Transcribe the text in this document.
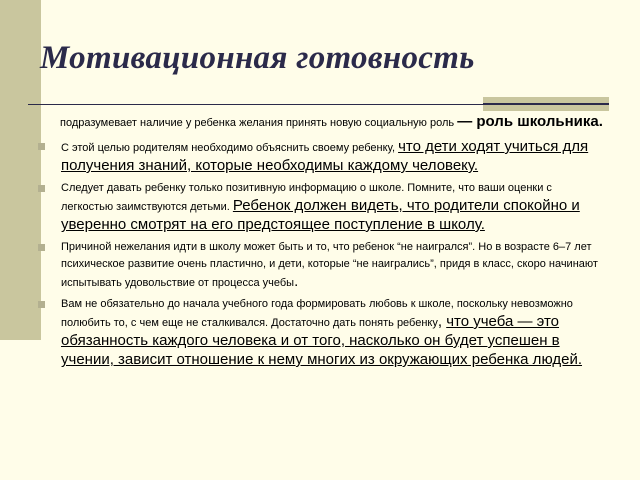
Мотивационная готовность

подразумевает наличие у ребенка желания принять новую социальную роль — роль школьника.

С этой целью родителям необходимо объяснить своему ребенку, что дети ходят учиться для получения знаний, которые необходимы каждому человеку.
Следует давать ребенку только позитивную информацию о школе. Помните, что ваши оценки с легкостью заимствуются детьми. Ребенок должен видеть, что родители спокойно и уверенно смотрят на его предстоящее поступление в школу.
Причиной нежелания идти в школу может быть и то, что ребенок “не наигрался”. Но в возрасте 6–7 лет психическое развитие очень пластично, и дети, которые “не наигрались”, придя в класс, скоро начинают испытывать удовольствие от процесса учебы.
Вам не обязательно до начала учебного года формировать любовь к школе, поскольку невозможно полюбить то, с чем еще не сталкивался. Достаточно дать понять ребенку, что учеба — это обязанность каждого человека и от того, насколько он будет успешен в учении, зависит отношение к нему многих из окружающих ребенка людей.
